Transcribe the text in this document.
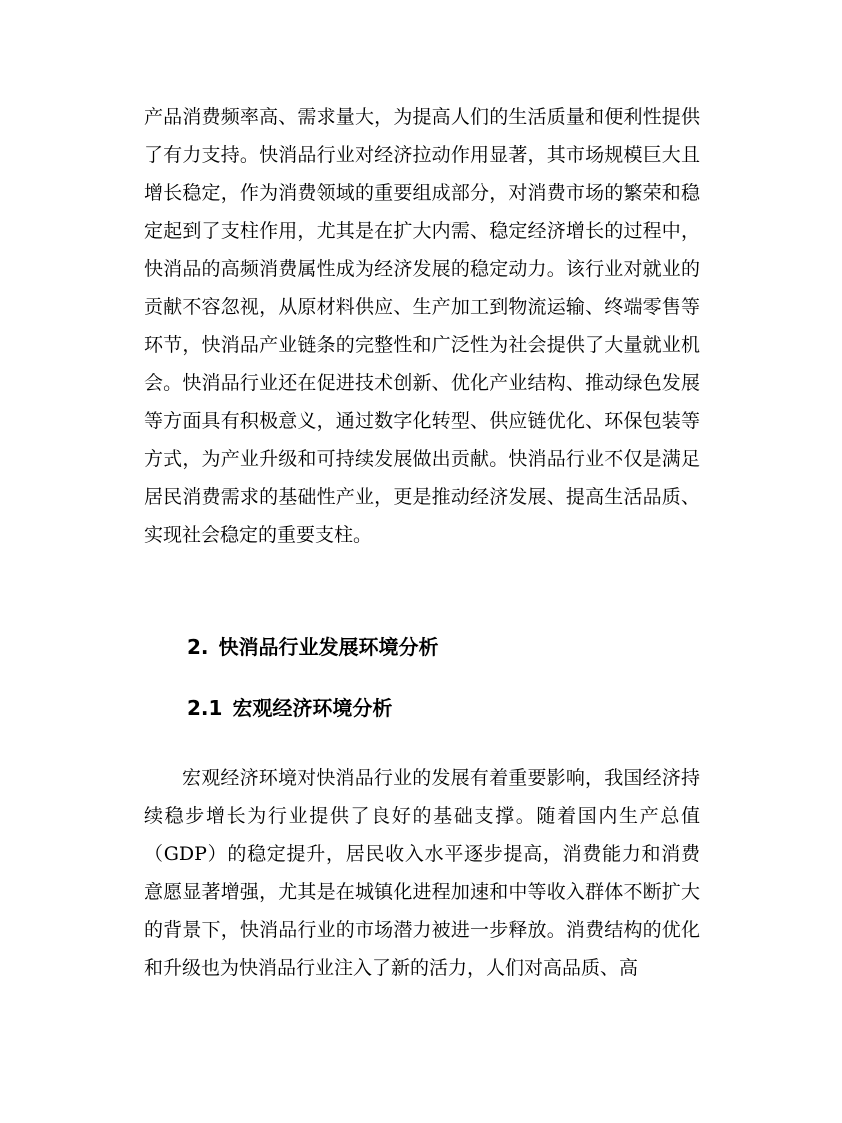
产品消费频率高、需求量大，为提高人们的生活质量和便利性提供了有力支持。快消品行业对经济拉动作用显著，其市场规模巨大且增长稳定，作为消费领域的重要组成部分，对消费市场的繁荣和稳定起到了支柱作用，尤其是在扩大内需、稳定经济增长的过程中，快消品的高频消费属性成为经济发展的稳定动力。该行业对就业的贡献不容忽视，从原材料供应、生产加工到物流运输、终端零售等环节，快消品产业链条的完整性和广泛性为社会提供了大量就业机会。快消品行业还在促进技术创新、优化产业结构、推动绿色发展等方面具有积极意义，通过数字化转型、供应链优化、环保包装等方式，为产业升级和可持续发展做出贡献。快消品行业不仅是满足居民消费需求的基础性产业，更是推动经济发展、提高生活品质、实现社会稳定的重要支柱。

2. 快消品行业发展环境分析
2.1 宏观经济环境分析

宏观经济环境对快消品行业的发展有着重要影响，我国经济持续稳步增长为行业提供了良好的基础支撑。随着国内生产总值（GDP）的稳定提升，居民收入水平逐步提高，消费能力和消费意愿显著增强，尤其是在城镇化进程加速和中等收入群体不断扩大的背景下，快消品行业的市场潜力被进一步释放。消费结构的优化和升级也为快消品行业注入了新的活力，人们对高品质、高
